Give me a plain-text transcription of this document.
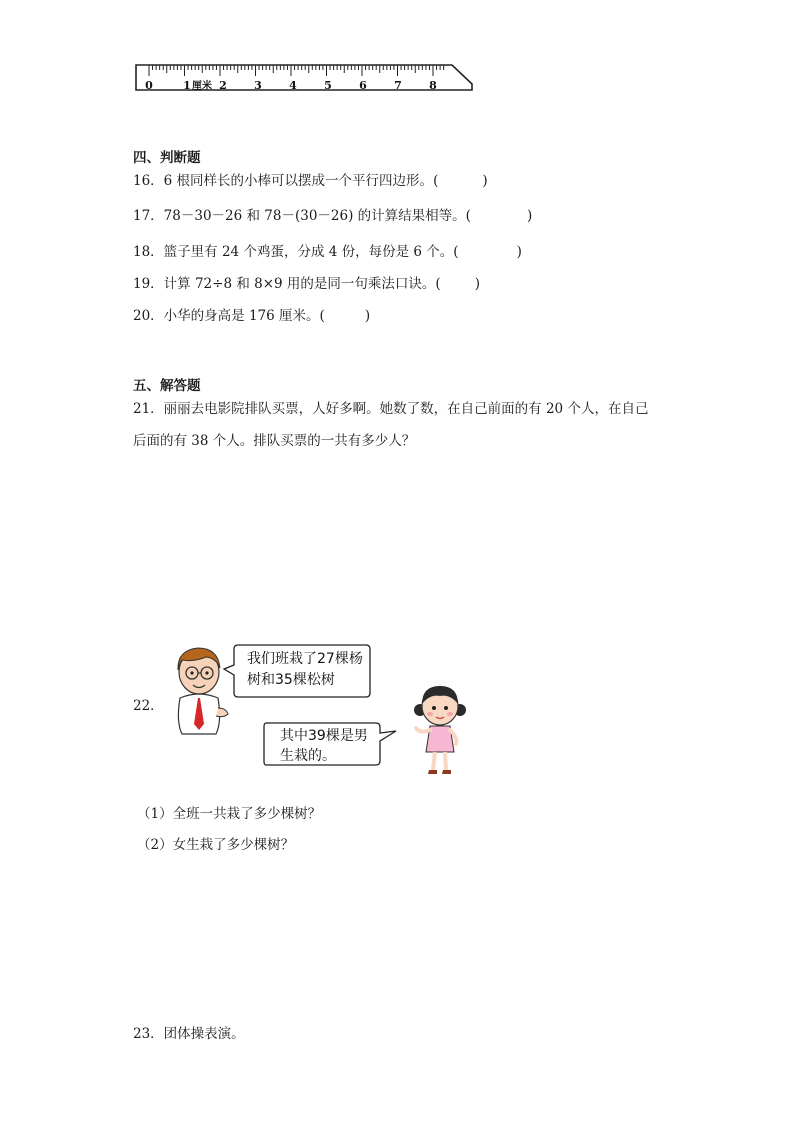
0	1 厘米 2 3 4 5 6 7 8
四、判断题
16．6 根同样长的小棒可以摆成一个平行四边形。(	)
17．78－30－26 和 78－(30－26) 的计算结果相等。(	)
18．篮子里有 24 个鸡蛋，分成 4 份，每份是 6 个。(	)
19．计算 72÷8 和 8×9 用的是同一句乘法口诀。(	)
20．小华的身高是 176 厘米。(	)
五、解答题
21．丽丽去电影院排队买票，人好多啊。她数了数，在自己前面的有 20 个人，在自己
后面的有 38 个人。排队买票的一共有多少人？
22．
我们班栽了27棵杨
树和35棵松树
其中39棵是男
生栽的。
（1）全班一共栽了多少棵树？
（2）女生栽了多少棵树？
23．团体操表演。
